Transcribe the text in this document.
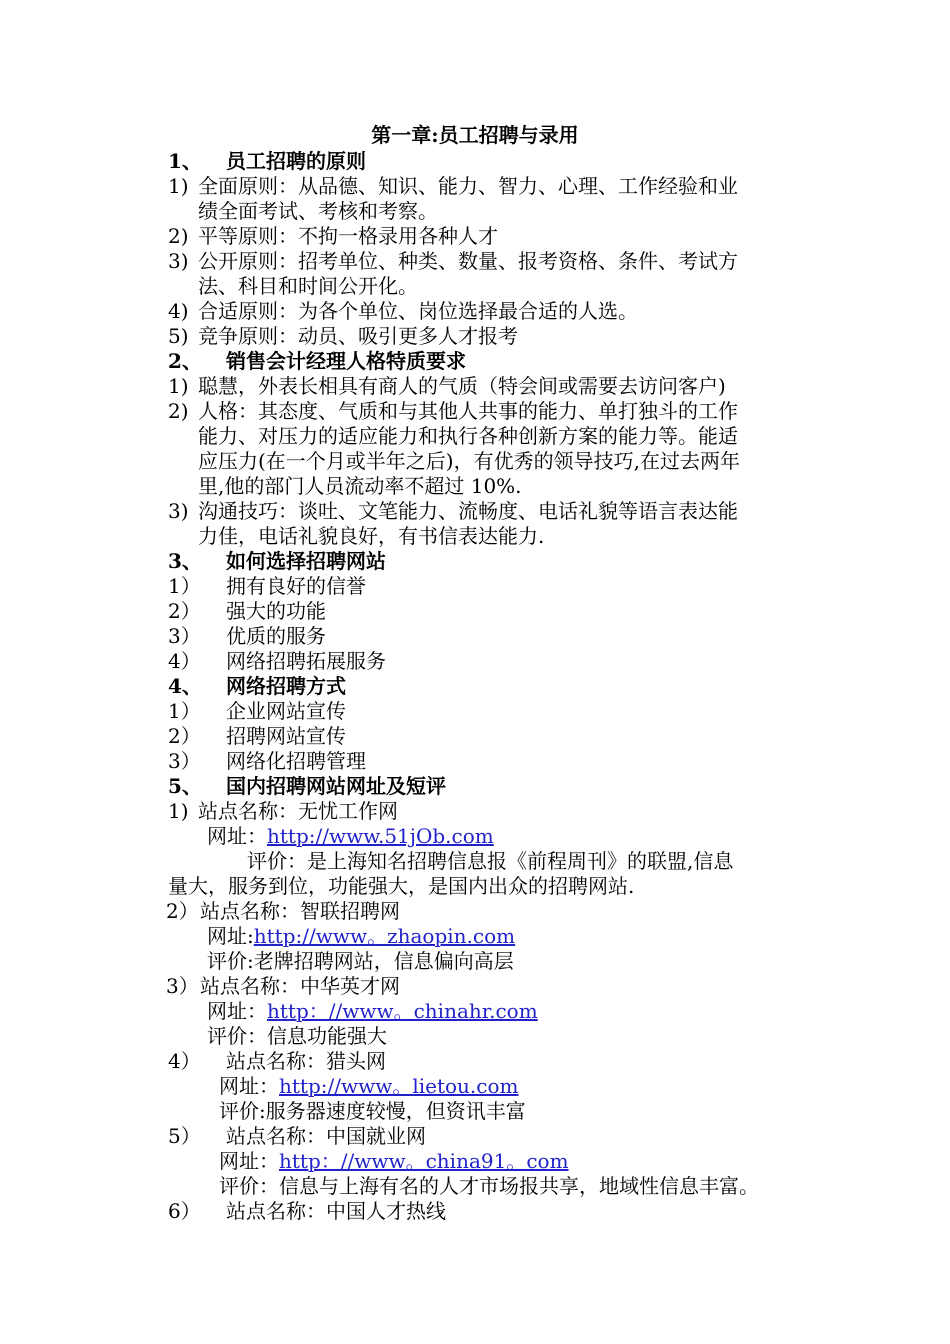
第一章:员工招聘与录用
1、 员工招聘的原则
1) 全面原则：从品德、知识、能力、智力、心理、工作经验和业
绩全面考试、考核和考察。
2) 平等原则：不拘一格录用各种人才
3) 公开原则：招考单位、种类、数量、报考资格、条件、考试方
法、科目和时间公开化。
4) 合适原则：为各个单位、岗位选择最合适的人选。
5) 竞争原则：动员、吸引更多人才报考
2、 销售会计经理人格特质要求
1) 聪慧，外表长相具有商人的气质（特会间或需要去访问客户)
2) 人格：其态度、气质和与其他人共事的能力、单打独斗的工作
能力、对压力的适应能力和执行各种创新方案的能力等。能适
应压力(在一个月或半年之后)，有优秀的领导技巧,在过去两年
里,他的部门人员流动率不超过 10%.
3) 沟通技巧：谈吐、文笔能力、流畅度、电话礼貌等语言表达能
力佳，电话礼貌良好，有书信表达能力.
3、 如何选择招聘网站
1） 拥有良好的信誉
2） 强大的功能
3） 优质的服务
4） 网络招聘拓展服务
4、 网络招聘方式
1） 企业网站宣传
2） 招聘网站宣传
3） 网络化招聘管理
5、 国内招聘网站网址及短评
1) 站点名称：无忧工作网
网址：http://www.51jOb.com
评价：是上海知名招聘信息报《前程周刊》的联盟,信息
量大，服务到位，功能强大，是国内出众的招聘网站.
2） 站点名称：智联招聘网
网址:http://www。zhaopin.com
评价:老牌招聘网站，信息偏向高层
3） 站点名称：中华英才网
网址：http：//www。chinahr.com
评价：信息功能强大
4） 站点名称：猎头网
网址：http://www。lietou.com
评价:服务器速度较慢，但资讯丰富
5） 站点名称：中国就业网
网址：http：//www。china91。com
评价：信息与上海有名的人才市场报共享，地域性信息丰富。
6） 站点名称：中国人才热线
